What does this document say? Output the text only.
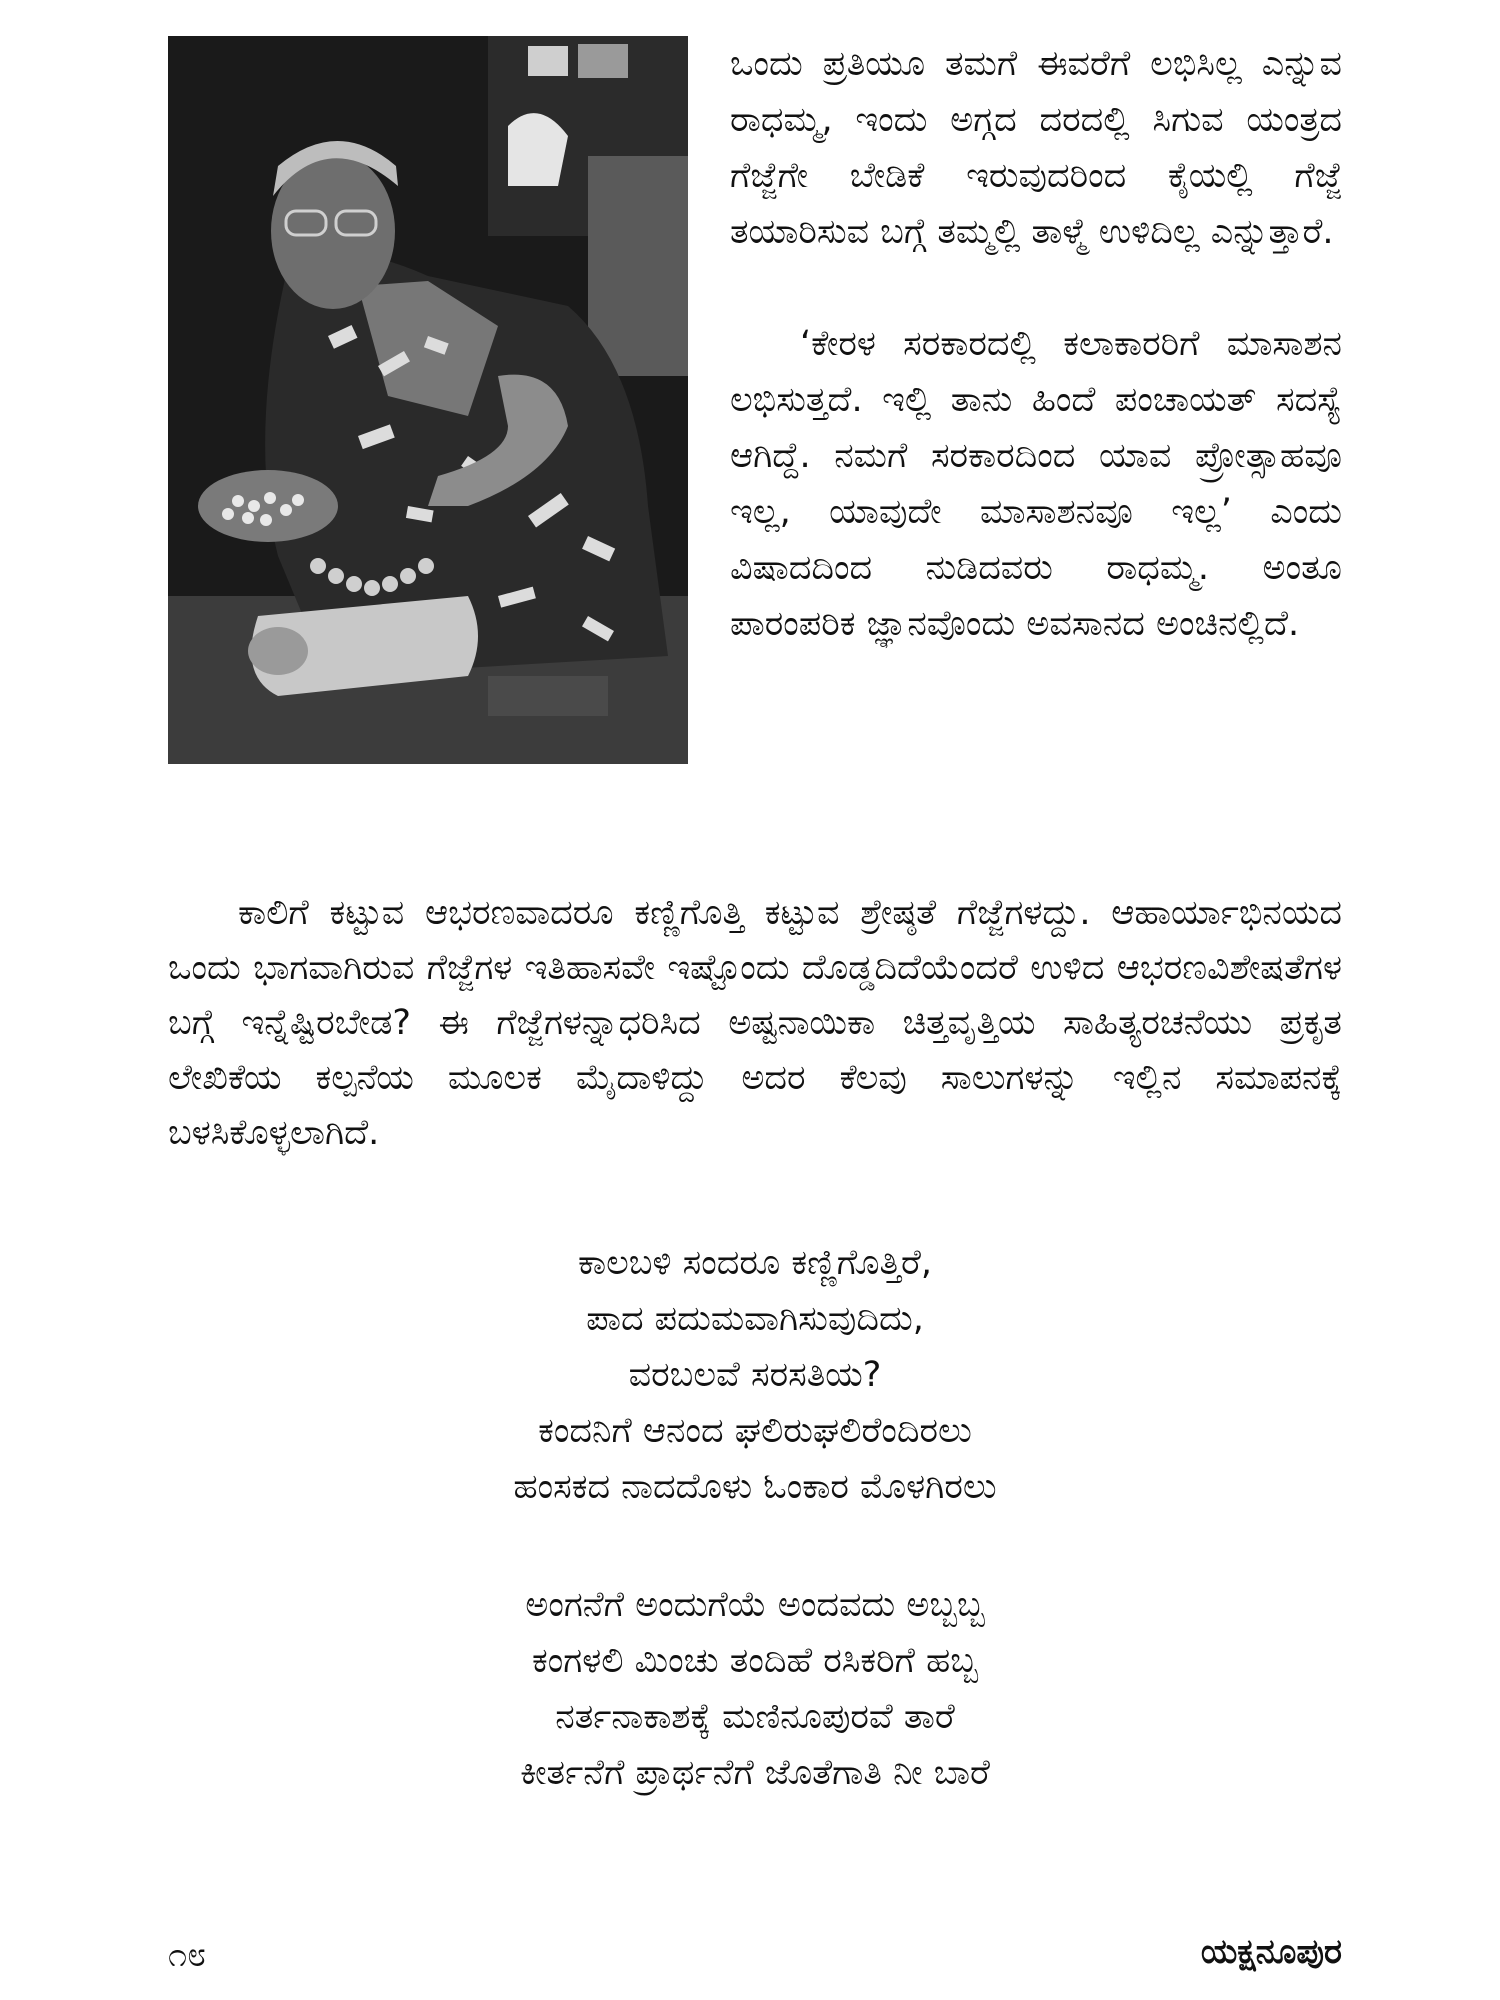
ಒಂದು ಪ್ರತಿಯೂ ತಮಗೆ ಈವರೆಗೆ ಲಭಿಸಿಲ್ಲ ಎನ್ನುವ ರಾಧಮ್ಮ, ಇಂದು ಅಗ್ಗದ ದರದಲ್ಲಿ ಸಿಗುವ ಯಂತ್ರದ ಗೆಜ್ಜೆಗೇ ಬೇಡಿಕೆ ಇರುವುದರಿಂದ ಕೈಯಲ್ಲಿ ಗೆಜ್ಜೆ ತಯಾರಿಸುವ ಬಗ್ಗೆ ತಮ್ಮಲ್ಲಿ ತಾಳ್ಮೆ ಉಳಿದಿಲ್ಲ ಎನ್ನುತ್ತಾರೆ.

‘ಕೇರಳ ಸರಕಾರದಲ್ಲಿ ಕಲಾಕಾರರಿಗೆ ಮಾಸಾಶನ ಲಭಿಸುತ್ತದೆ. ಇಲ್ಲಿ ತಾನು ಹಿಂದೆ ಪಂಚಾಯತ್ ಸದಸ್ಯೆ ಆಗಿದ್ದೆ. ನಮಗೆ ಸರಕಾರದಿಂದ ಯಾವ ಪ್ರೋತ್ಸಾಹವೂ ಇಲ್ಲ, ಯಾವುದೇ ಮಾಸಾಶನವೂ ಇಲ್ಲ’ ಎಂದು ವಿಷಾದದಿಂದ ನುಡಿದವರು ರಾಧಮ್ಮ. ಅಂತೂ ಪಾರಂಪರಿಕ ಜ್ಞಾನವೊಂದು ಅವಸಾನದ ಅಂಚಿನಲ್ಲಿದೆ.

ಕಾಲಿಗೆ ಕಟ್ಟುವ ಆಭರಣವಾದರೂ ಕಣ್ಣಿಗೊತ್ತಿ ಕಟ್ಟುವ ಶ್ರೇಷ್ಠತೆ ಗೆಜ್ಜೆಗಳದ್ದು. ಆಹಾರ್ಯಾಭಿನಯದ ಒಂದು ಭಾಗವಾಗಿರುವ ಗೆಜ್ಜೆಗಳ ಇತಿಹಾಸವೇ ಇಷ್ಟೊಂದು ದೊಡ್ಡದಿದೆಯೆಂದರೆ ಉಳಿದ ಆಭರಣವಿಶೇಷತೆಗಳ ಬಗ್ಗೆ ಇನ್ನೆಷ್ಟಿರಬೇಡ? ಈ ಗೆಜ್ಜೆಗಳನ್ನಾಧರಿಸಿದ ಅಷ್ಟನಾಯಿಕಾ ಚಿತ್ತವೃತ್ತಿಯ ಸಾಹಿತ್ಯರಚನೆಯು ಪ್ರಕೃತ ಲೇಖಿಕೆಯ ಕಲ್ಪನೆಯ ಮೂಲಕ ಮೈದಾಳಿದ್ದು ಅದರ ಕೆಲವು ಸಾಲುಗಳನ್ನು ಇಲ್ಲಿನ ಸಮಾಪನಕ್ಕೆ ಬಳಸಿಕೊಳ್ಳಲಾಗಿದೆ.

ಕಾಲಬಳಿ ಸಂದರೂ ಕಣ್ಣಿಗೊತ್ತಿರೆ,
ಪಾದ ಪದುಮವಾಗಿಸುವುದಿದು,
ವರಬಲವೆ ಸರಸತಿಯ?
ಕಂದನಿಗೆ ಆನಂದ ಘಲಿರುಘಲಿರೆಂದಿರಲು
ಹಂಸಕದ ನಾದದೊಳು ಓಂಕಾರ ಮೊಳಗಿರಲು
ಅಂಗನೆಗೆ ಅಂದುಗೆಯೆ ಅಂದವದು ಅಬ್ಬಬ್ಬ
ಕಂಗಳಲಿ ಮಿಂಚು ತಂದಿಹೆ ರಸಿಕರಿಗೆ ಹಬ್ಬ
ನರ್ತನಾಕಾಶಕ್ಕೆ ಮಣಿನೂಪುರವೆ ತಾರೆ
ಕೀರ್ತನೆಗೆ ಪ್ರಾರ್ಥನೆಗೆ ಜೊತೆಗಾತಿ ನೀ ಬಾರೆ
೧೮	ಯಕ್ಷನೂಪುರ
